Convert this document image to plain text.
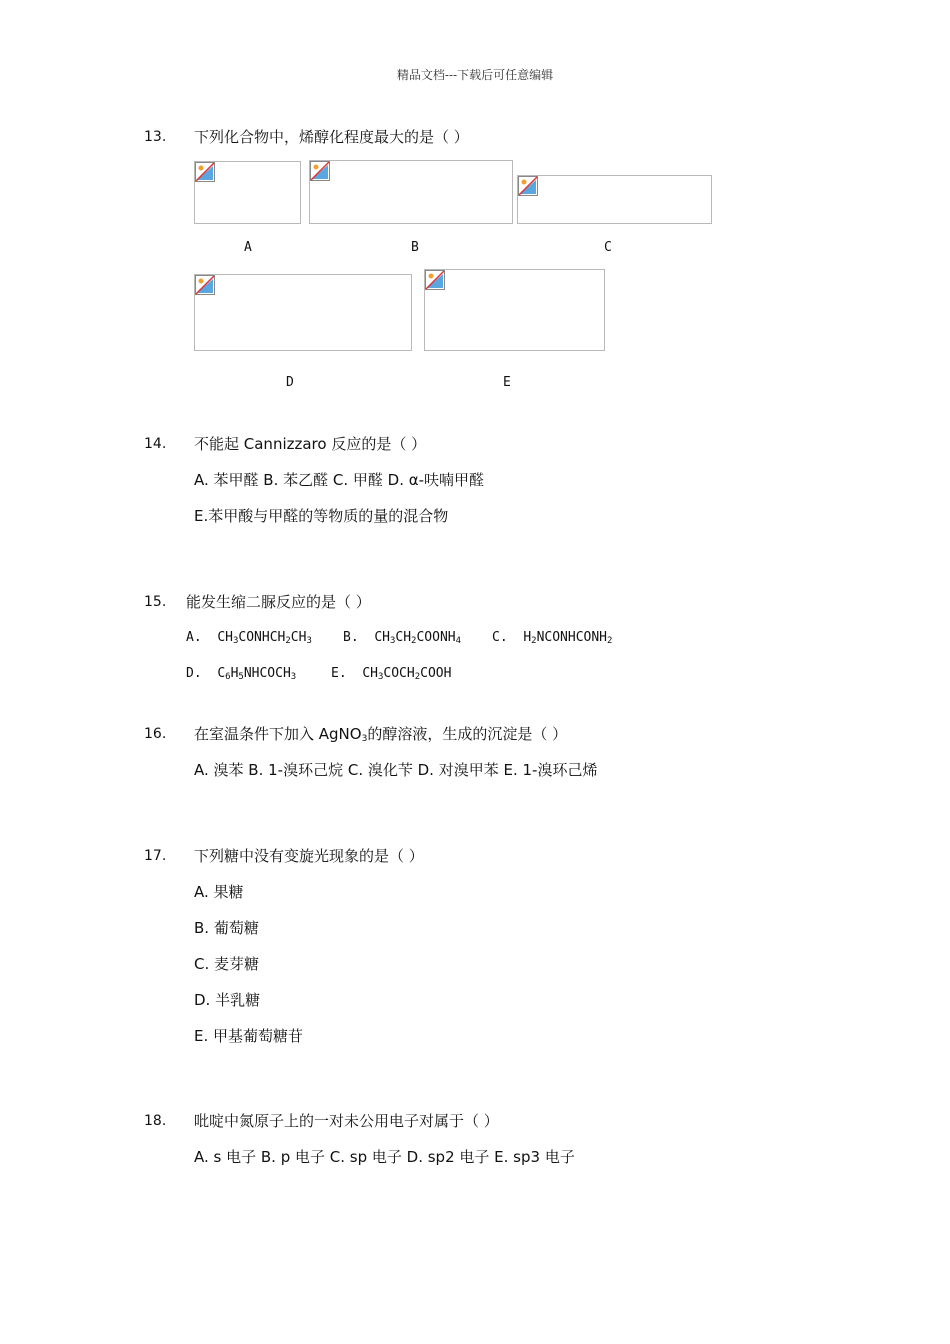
精品文档---下载后可任意编辑
13. 下列化合物中，烯醇化程度最大的是（ ）
A	B	C
D	E
14. 不能起 Cannizzaro 反应的是（ ）
A. 苯甲醛 B. 苯乙醛 C. 甲醛 D. α-呋喃甲醛
E.苯甲酸与甲醛的等物质的量的混合物
15. 能发生缩二脲反应的是（ ）
A. $CH_3CONHCH_2CH_3$ B. $CH_3CH_2COONH_4$ C. $H_2NCONHCONH_2$
D. $C_6H_5NHCOCH_3$	E. $CH_3COCH_2COOH$
16. 在室温条件下加入 AgNO$_3$的醇溶液，生成的沉淀是（ ）
A. 溴苯 B. 1-溴环己烷 C. 溴化苄 D. 对溴甲苯 E. 1-溴环己烯
17. 下列糖中没有变旋光现象的是（ ）
A. 果糖
B. 葡萄糖
C. 麦芽糖
D. 半乳糖
E. 甲基葡萄糖苷
18. 吡啶中氮原子上的一对未公用电子对属于（ ）
A. s 电子 B. p 电子 C. sp 电子 D. sp2 电子 E. sp3 电子
